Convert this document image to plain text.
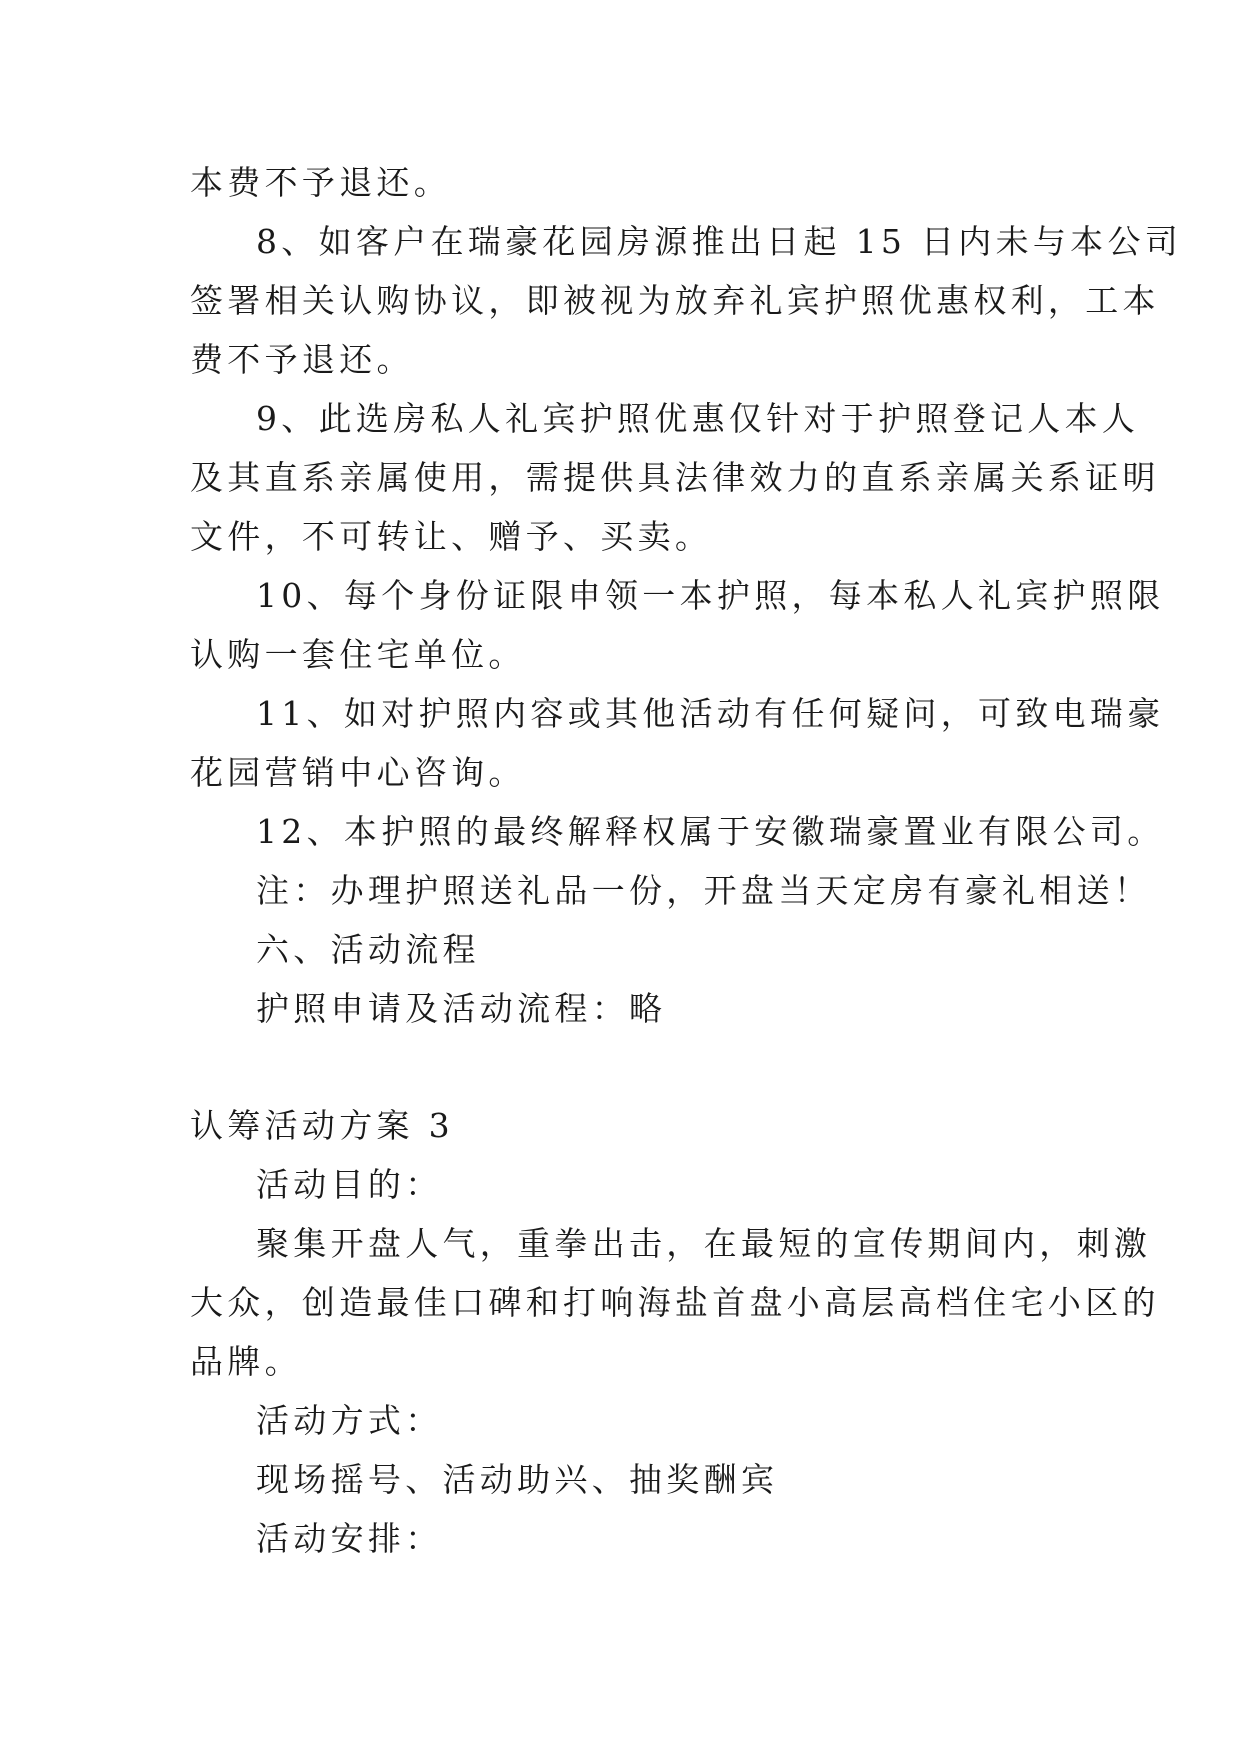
本费不予退还。
8、如客户在瑞豪花园房源推出日起 15 日内未与本公司
签署相关认购协议，即被视为放弃礼宾护照优惠权利，工本
费不予退还。
9、此选房私人礼宾护照优惠仅针对于护照登记人本人
及其直系亲属使用，需提供具法律效力的直系亲属关系证明
文件，不可转让、赠予、买卖。
10、每个身份证限申领一本护照，每本私人礼宾护照限
认购一套住宅单位。
11、如对护照内容或其他活动有任何疑问，可致电瑞豪
花园营销中心咨询。
12、本护照的最终解释权属于安徽瑞豪置业有限公司。
注：办理护照送礼品一份，开盘当天定房有豪礼相送！
六、活动流程
护照申请及活动流程：略
认筹活动方案 3
活动目的：
聚集开盘人气，重拳出击，在最短的宣传期间内，刺激
大众，创造最佳口碑和打响海盐首盘小高层高档住宅小区的
品牌。
活动方式：
现场摇号、活动助兴、抽奖酬宾
活动安排：
